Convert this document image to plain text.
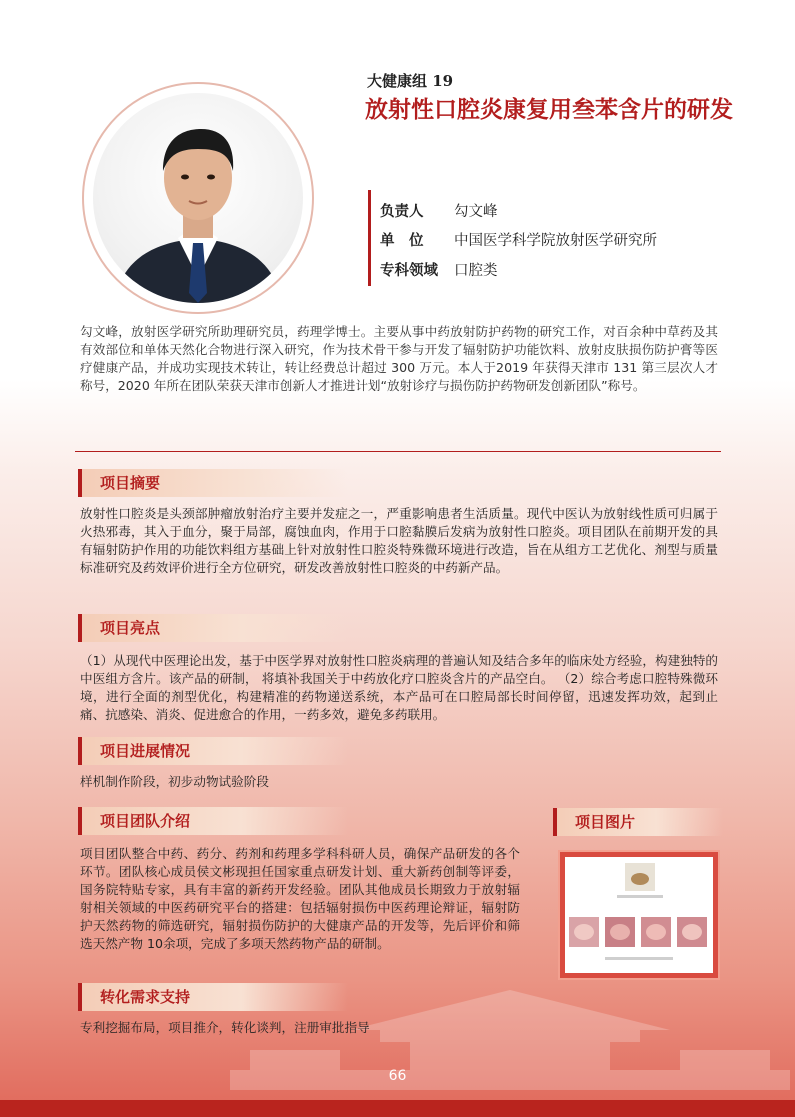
大健康组 19
放射性口腔炎康复用叁苯含片的研发
负责人 勾文峰
单　位 中国医学科学院放射医学研究所
专科领域 口腔类
勾文峰，放射医学研究所助理研究员，药理学博士。主要从事中药放射防护药物的研究工作，对百余种中草药及其有效部位和单体天然化合物进行深入研究，作为技术骨干参与开发了辐射防护功能饮料、放射皮肤损伤防护膏等医疗健康产品，并成功实现技术转让，转让经费总计超过 300 万元。本人于2019 年获得天津市 131 第三层次人才称号，2020 年所在团队荣获天津市创新人才推进计划“放射诊疗与损伤防护药物研发创新团队”称号。
项目摘要
放射性口腔炎是头颈部肿瘤放射治疗主要并发症之一，严重影响患者生活质量。现代中医认为放射线性质可归属于火热邪毒，其入于血分，聚于局部，腐蚀血肉，作用于口腔黏膜后发病为放射性口腔炎。项目团队在前期开发的具有辐射防护作用的功能饮料组方基础上针对放射性口腔炎特殊微环境进行改造，旨在从组方工艺优化、剂型与质量标准研究及药效评价进行全方位研究，研发改善放射性口腔炎的中药新产品。
项目亮点
（1）从现代中医理论出发，基于中医学界对放射性口腔炎病理的普遍认知及结合多年的临床处方经验，构建独特的中医组方含片。该产品的研制， 将填补我国关于中药放化疗口腔炎含片的产品空白。 （2）综合考虑口腔特殊微环境，进行全面的剂型优化，构建精准的药物递送系统，本产品可在口腔局部长时间停留，迅速发挥功效，起到止痛、抗感染、消炎、促进愈合的作用，一药多效，避免多药联用。
项目进展情况
样机制作阶段，初步动物试验阶段
项目团队介绍
项目团队整合中药、药分、药剂和药理多学科科研人员，确保产品研发的各个环节。团队核心成员侯文彬现担任国家重点研发计划、重大新药创制等评委， 国务院特贴专家，具有丰富的新药开发经验。团队其他成员长期致力于放射辐射相关领域的中医药研究平台的搭建：包括辐射损伤中医药理论辩证，辐射防护天然药物的筛选研究，辐射损伤防护的大健康产品的开发等，先后评价和筛选天然产物 10余项，完成了多项天然药物产品的研制。
项目图片
转化需求支持
专利挖掘布局，项目推介，转化谈判，注册审批指导
66
